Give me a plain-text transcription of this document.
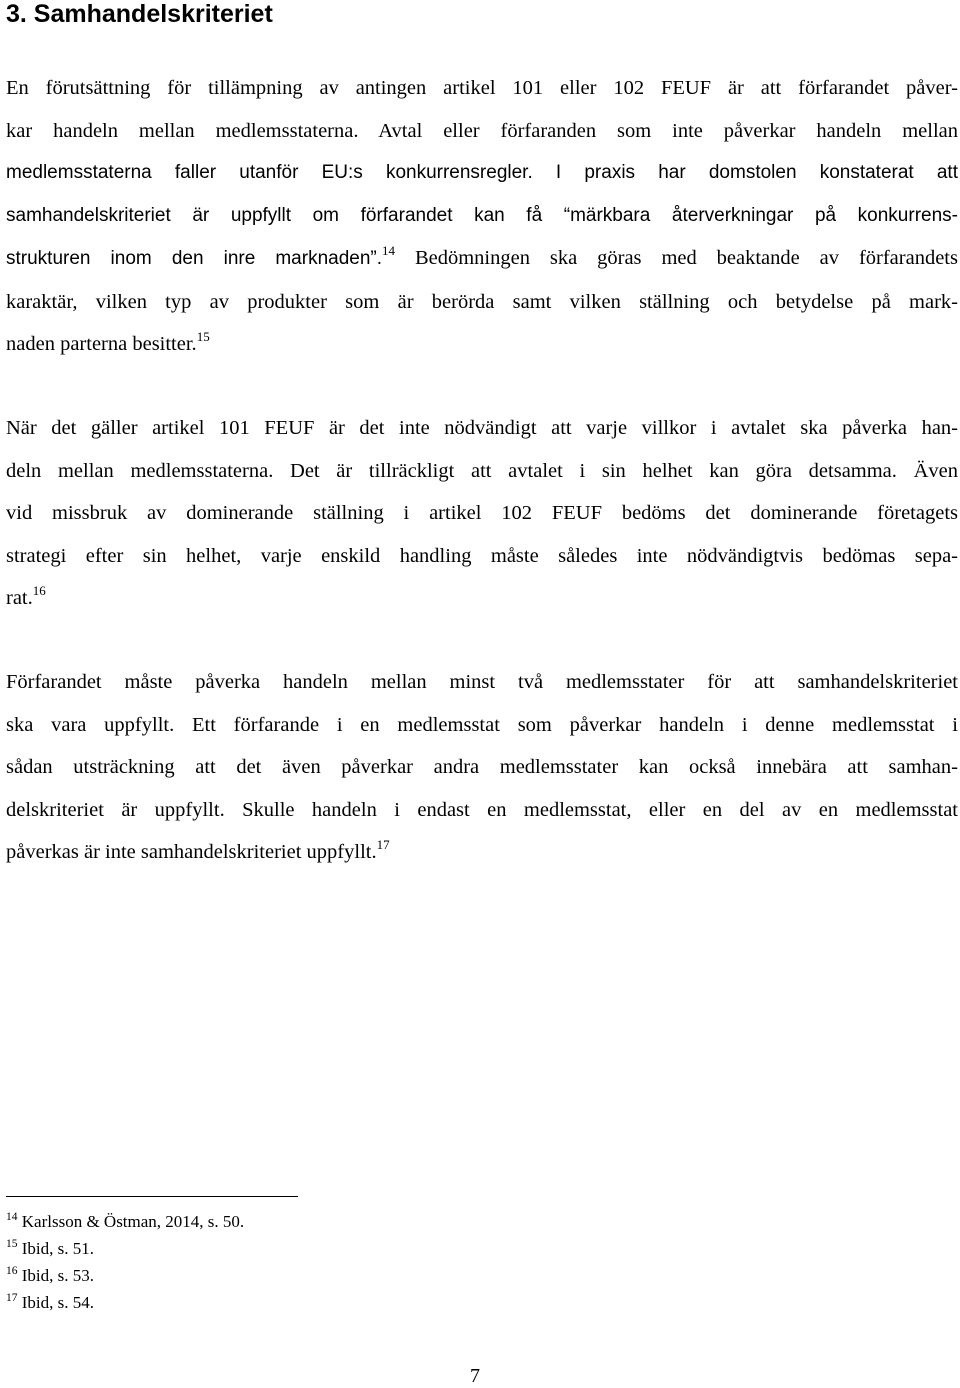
3. Samhandelskriteriet
En förutsättning för tillämpning av antingen artikel 101 eller 102 FEUF är att förfarandet påver-
kar handeln mellan medlemsstaterna. Avtal eller förfaranden som inte påverkar handeln mellan
medlemsstaterna faller utanför EU:s konkurrensregler. I praxis har domstolen konstaterat att
samhandelskriteriet är uppfyllt om förfarandet kan få “märkbara återverkningar på konkurrens-
strukturen inom den inre marknaden”.$^{14}$ Bedömningen ska göras med beaktande av förfarandets
karaktär, vilken typ av produkter som är berörda samt vilken ställning och betydelse på mark-
naden parterna besitter.$^{15}$
När det gäller artikel 101 FEUF är det inte nödvändigt att varje villkor i avtalet ska påverka han-
deln mellan medlemsstaterna. Det är tillräckligt att avtalet i sin helhet kan göra detsamma. Även
vid missbruk av dominerande ställning i artikel 102 FEUF bedöms det dominerande företagets
strategi efter sin helhet, varje enskild handling måste således inte nödvändigtvis bedömas sepa-
rat.$^{16}$
Förfarandet måste påverka handeln mellan minst två medlemsstater för att samhandelskriteriet
ska vara uppfyllt. Ett förfarande i en medlemsstat som påverkar handeln i denne medlemsstat i
sådan utsträckning att det även påverkar andra medlemsstater kan också innebära att samhan-
delskriteriet är uppfyllt. Skulle handeln i endast en medlemsstat, eller en del av en medlemsstat
påverkas är inte samhandelskriteriet uppfyllt.$^{17}$
$^{14}$ Karlsson & Östman, 2014, s. 50.
$^{15}$ Ibid, s. 51.
$^{16}$ Ibid, s. 53.
$^{17}$ Ibid, s. 54.
7
